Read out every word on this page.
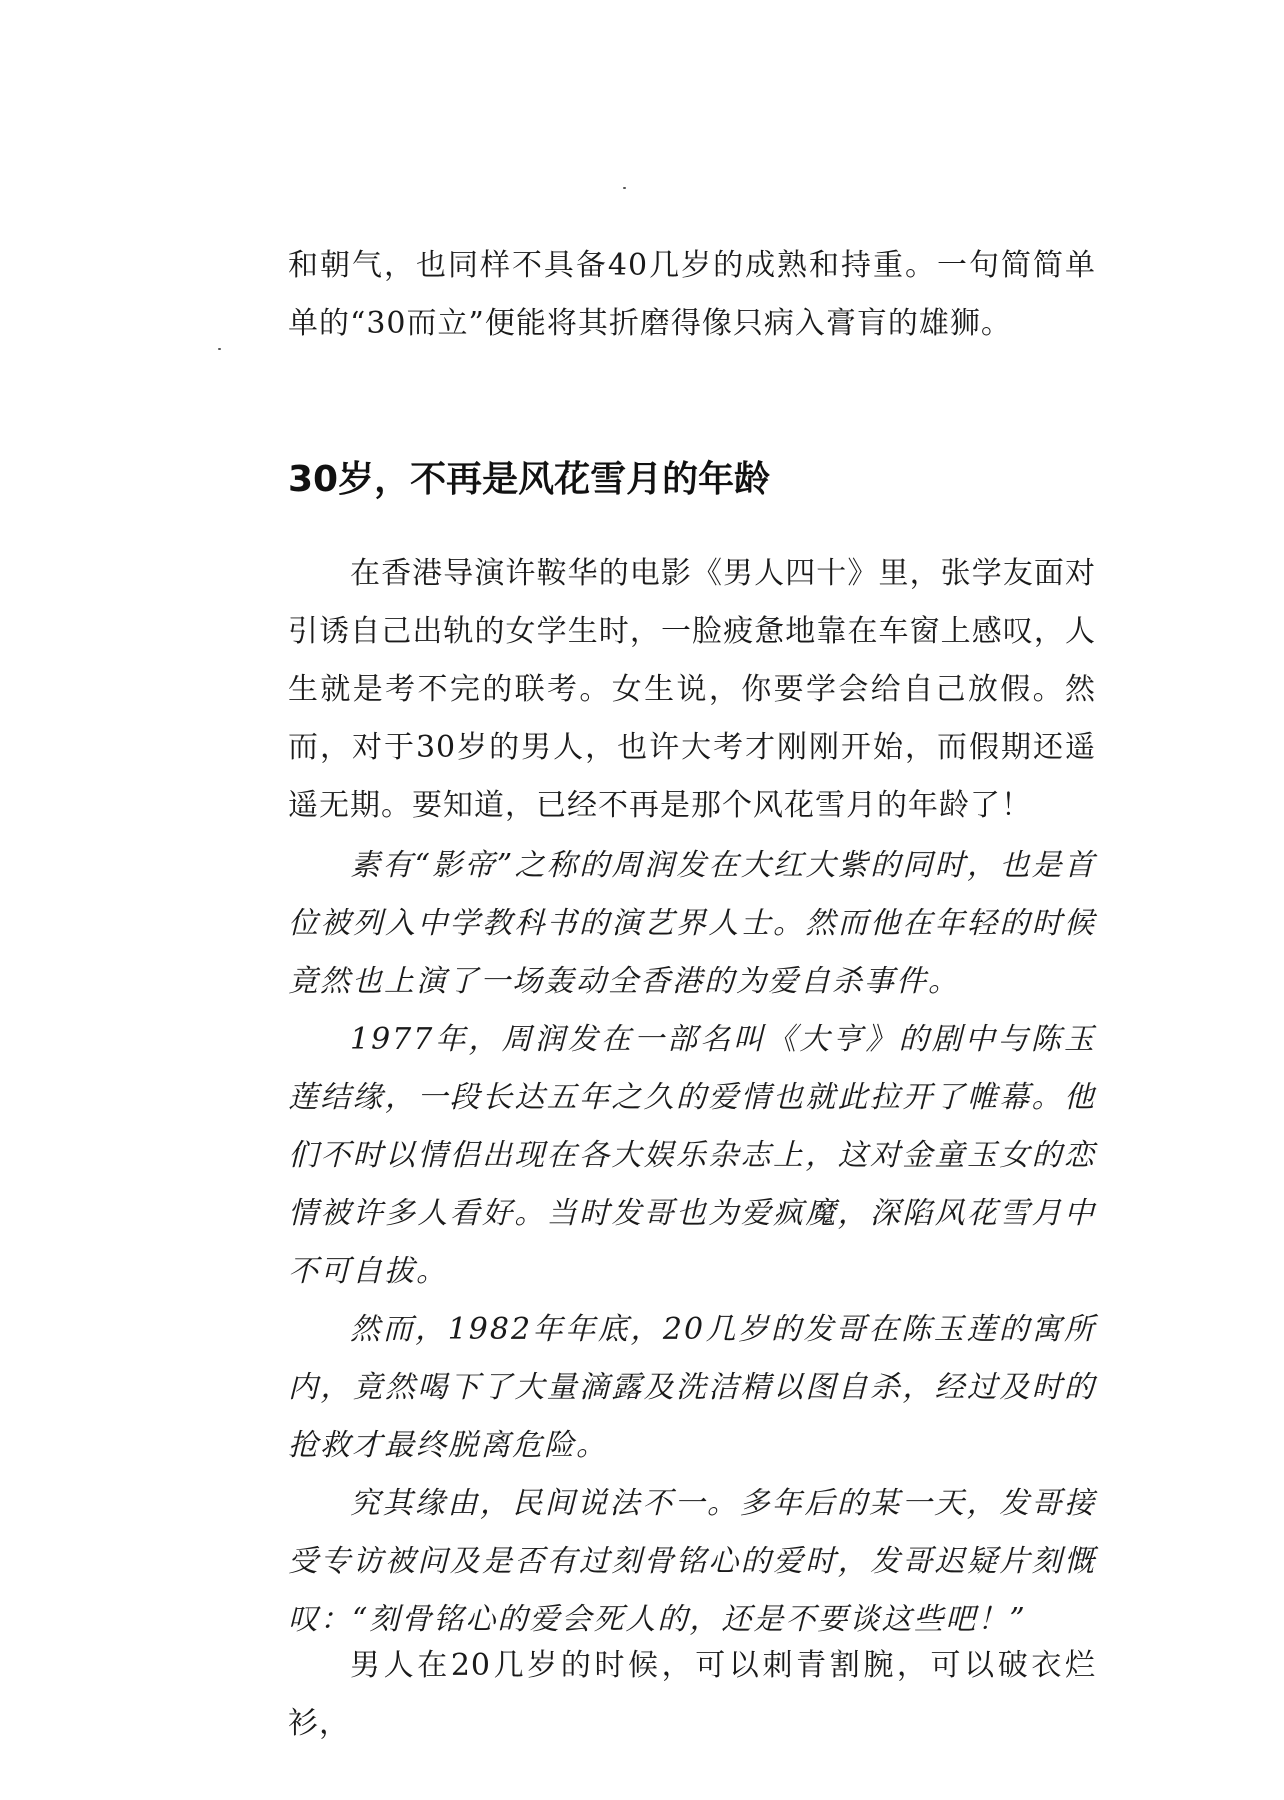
和朝气，也同样不具备40几岁的成熟和持重。一句简简单单的“30而立”便能将其折磨得像只病入膏肓的雄狮。

30岁，不再是风花雪月的年龄

在香港导演许鞍华的电影《男人四十》里，张学友面对引诱自己出轨的女学生时，一脸疲惫地靠在车窗上感叹，人生就是考不完的联考。女生说，你要学会给自己放假。然而，对于30岁的男人，也许大考才刚刚开始，而假期还遥遥无期。要知道，已经不再是那个风花雪月的年龄了！

素有“影帝”之称的周润发在大红大紫的同时，也是首位被列入中学教科书的演艺界人士。然而他在年轻的时候竟然也上演了一场轰动全香港的为爱自杀事件。

1977年，周润发在一部名叫《大亨》的剧中与陈玉莲结缘，一段长达五年之久的爱情也就此拉开了帷幕。他们不时以情侣出现在各大娱乐杂志上，这对金童玉女的恋情被许多人看好。当时发哥也为爱疯魔，深陷风花雪月中不可自拔。

然而，1982年年底，20几岁的发哥在陈玉莲的寓所内，竟然喝下了大量滴露及洗洁精以图自杀，经过及时的抢救才最终脱离危险。

究其缘由，民间说法不一。多年后的某一天，发哥接受专访被问及是否有过刻骨铭心的爱时，发哥迟疑片刻慨叹：“刻骨铭心的爱会死人的，还是不要谈这些吧！”

男人在20几岁的时候，可以刺青割腕，可以破衣烂衫，
